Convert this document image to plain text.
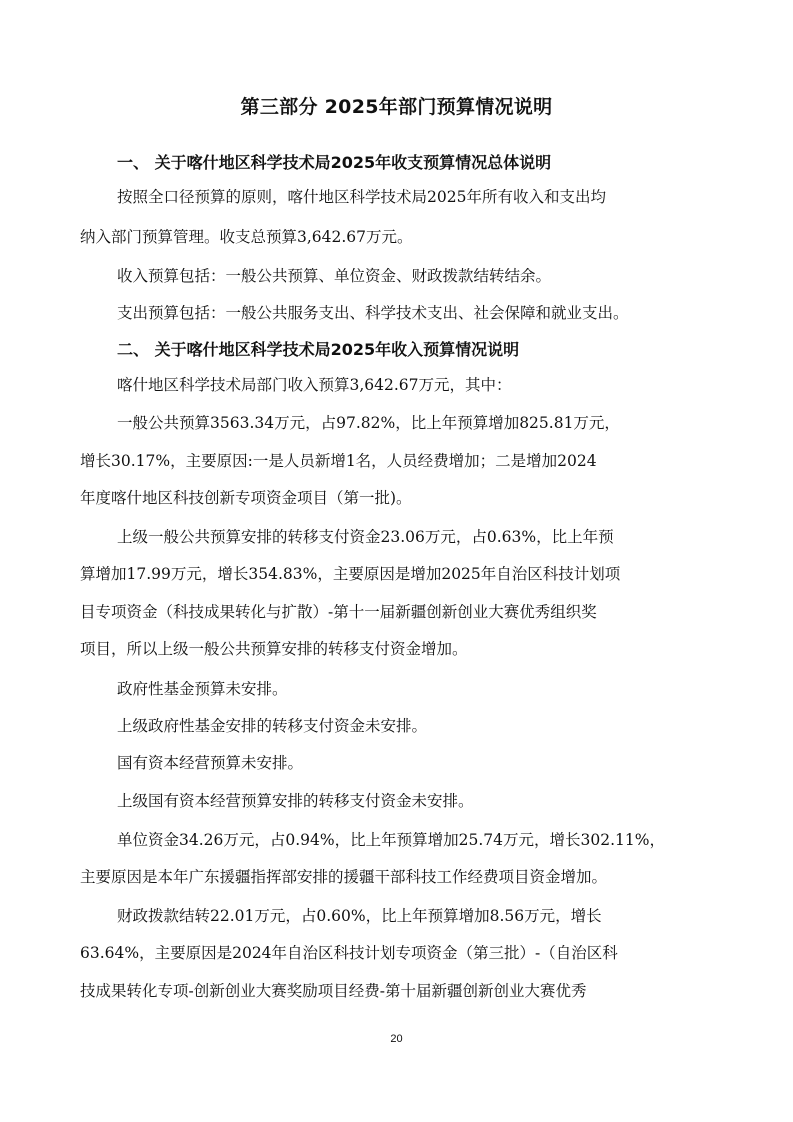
第三部分 2025年部门预算情况说明
一、 关于喀什地区科学技术局2025年收支预算情况总体说明
按照全口径预算的原则，喀什地区科学技术局2025年所有收入和支出均
纳入部门预算管理。收支总预算3,642.67万元。
收入预算包括：一般公共预算、单位资金、财政拨款结转结余。
支出预算包括：一般公共服务支出、科学技术支出、社会保障和就业支出。
二、 关于喀什地区科学技术局2025年收入预算情况说明
喀什地区科学技术局部门收入预算3,642.67万元，其中：
一般公共预算3563.34万元，占97.82%，比上年预算增加825.81万元，
增长30.17%，主要原因:一是人员新增1名，人员经费增加；二是增加2024
年度喀什地区科技创新专项资金项目（第一批)。
上级一般公共预算安排的转移支付资金23.06万元，占0.63%，比上年预
算增加17.99万元，增长354.83%，主要原因是增加2025年自治区科技计划项
目专项资金（科技成果转化与扩散）-第十一届新疆创新创业大赛优秀组织奖
项目，所以上级一般公共预算安排的转移支付资金增加。
政府性基金预算未安排。
上级政府性基金安排的转移支付资金未安排。
国有资本经营预算未安排。
上级国有资本经营预算安排的转移支付资金未安排。
单位资金34.26万元，占0.94%，比上年预算增加25.74万元，增长302.11%，
主要原因是本年广东援疆指挥部安排的援疆干部科技工作经费项目资金增加。
财政拨款结转22.01万元，占0.60%，比上年预算增加8.56万元，增长
63.64%，主要原因是2024年自治区科技计划专项资金（第三批）-（自治区科
技成果转化专项-创新创业大赛奖励项目经费-第十届新疆创新创业大赛优秀
20
